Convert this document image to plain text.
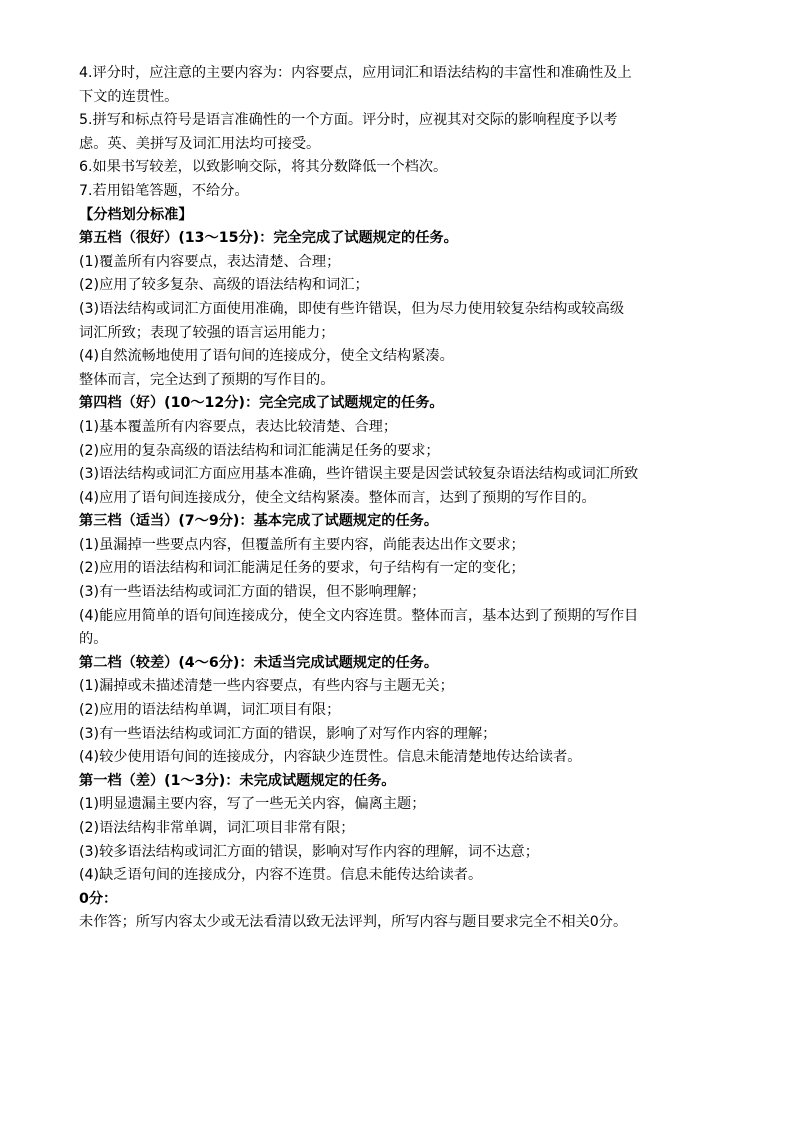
4.评分时，应注意的主要内容为：内容要点，应用词汇和语法结构的丰富性和准确性及上
下文的连贯性。
5.拼写和标点符号是语言准确性的一个方面。评分时，应视其对交际的影响程度予以考
虑。英、美拼写及词汇用法均可接受。
6.如果书写较差，以致影响交际，将其分数降低一个档次。
7.若用铅笔答题，不给分。
【分档划分标准】
第五档（很好）(13～15分)：完全完成了试题规定的任务。
(1)覆盖所有内容要点，表达清楚、合理；
(2)应用了较多复杂、高级的语法结构和词汇；
(3)语法结构或词汇方面使用准确，即使有些许错误，但为尽力使用较复杂结构或较高级
词汇所致；表现了较强的语言运用能力；
(4)自然流畅地使用了语句间的连接成分，使全文结构紧凑。
整体而言，完全达到了预期的写作目的。
第四档（好）(10～12分)：完全完成了试题规定的任务。
(1)基本覆盖所有内容要点，表达比较清楚、合理；
(2)应用的复杂高级的语法结构和词汇能满足任务的要求；
(3)语法结构或词汇方面应用基本准确，些许错误主要是因尝试较复杂语法结构或词汇所致
(4)应用了语句间连接成分，使全文结构紧凑。整体而言，达到了预期的写作目的。
第三档（适当）(7～9分)：基本完成了试题规定的任务。
(1)虽漏掉一些要点内容，但覆盖所有主要内容，尚能表达出作文要求；
(2)应用的语法结构和词汇能满足任务的要求，句子结构有一定的变化；
(3)有一些语法结构或词汇方面的错误，但不影响理解；
(4)能应用简单的语句间连接成分，使全文内容连贯。整体而言，基本达到了预期的写作目
的。
第二档（较差）(4～6分)：未适当完成试题规定的任务。
(1)漏掉或未描述清楚一些内容要点，有些内容与主题无关；
(2)应用的语法结构单调，词汇项目有限；
(3)有一些语法结构或词汇方面的错误，影响了对写作内容的理解；
(4)较少使用语句间的连接成分，内容缺少连贯性。信息未能清楚地传达给读者。
第一档（差）(1～3分)：未完成试题规定的任务。
(1)明显遗漏主要内容，写了一些无关内容，偏离主题；
(2)语法结构非常单调，词汇项目非常有限；
(3)较多语法结构或词汇方面的错误，影响对写作内容的理解，词不达意；
(4)缺乏语句间的连接成分，内容不连贯。信息未能传达给读者。
0分：
未作答；所写内容太少或无法看清以致无法评判，所写内容与题目要求完全不相关0分。
